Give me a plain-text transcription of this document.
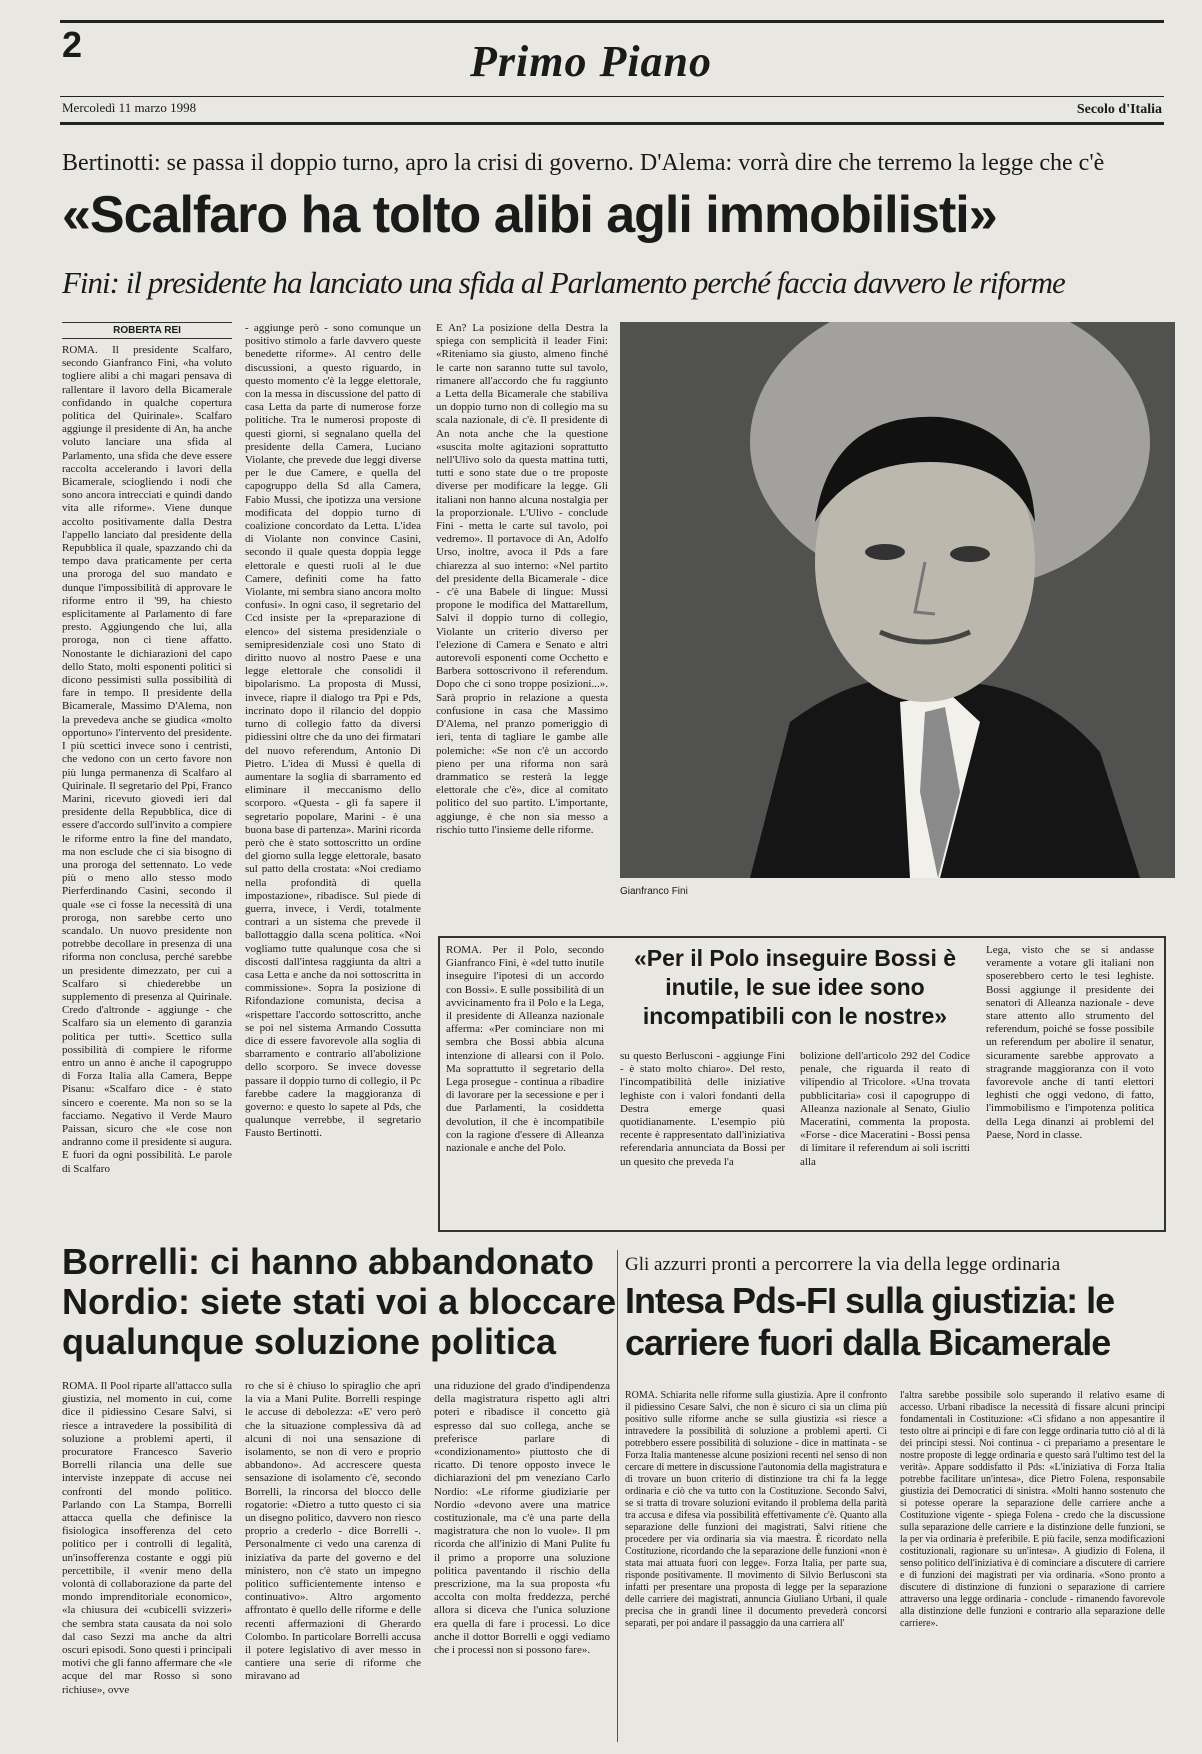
2	Primo Piano
Mercoledì 11 marzo 1998	Secolo d'Italia
Bertinotti: se passa il doppio turno, apro la crisi di governo. D'Alema: vorrà dire che terremo la legge che c'è
«Scalfaro ha tolto alibi agli immobilisti»
Fini: il presidente ha lanciato una sfida al Parlamento perché faccia davvero le riforme
ROBERTA REI
ROMA. Il presidente Scalfaro, secondo Gianfranco Fini, «ha voluto togliere alibi a chi magari pensava di rallentare il lavoro della Bicamerale confidando in qualche copertura politica del Quirinale». Scalfaro aggiunge il presidente di An, ha anche voluto lanciare una sfida al Parlamento, una sfida che deve essere raccolta accelerando i lavori della Bicamerale, sciogliendo i nodi che sono ancora intrecciati e quindi dando vita alle riforme». Viene dunque accolto positivamente dalla Destra l'appello lanciato dal presidente della Repubblica il quale, spazzando chi da tempo dava praticamente per certa una proroga del suo mandato e dunque l'impossibilità di approvare le riforme entro il '99, ha chiesto esplicitamente al Parlamento di fare presto. Aggiungendo che lui, alla proroga, non ci tiene affatto. Nonostante le dichiarazioni del capo dello Stato, molti esponenti politici si dicono pessimisti sulla possibilità di fare in tempo. Il presidente della Bicamerale, Massimo D'Alema, non la prevedeva anche se giudica «molto opportuno» l'intervento del presidente. I più scettici invece sono i centristi, che vedono con un certo favore non più lunga permanenza di Scalfaro al Quirinale. Il segretario del Ppi, Franco Marini, ricevuto giovedì ieri dal presidente della Repubblica, dice di essere d'accordo sull'invito a compiere le riforme entro la fine del mandato, ma non esclude che ci sia bisogno di una proroga del settennato. Lo vede più o meno allo stesso modo Pierferdinando Casini, secondo il quale «se ci fosse la necessità di una proroga, non sarebbe certo uno scandalo. Un nuovo presidente non potrebbe decollare in presenza di una riforma non conclusa, perché sarebbe un presidente dimezzato, per cui a Scalfaro si chiederebbe un supplemento di presenza al Quirinale. Credo d'altronde - aggiunge - che Scalfaro sia un elemento di garanzia politica per tutti». Scettico sulla possibilità di compiere le riforme entro un anno è anche il capogruppo di Forza Italia alla Camera, Beppe Pisanu: «Scalfaro dice - è stato sincero e coerente. Ma non so se la facciamo. Negativo il Verde Mauro Paissan, sicuro che «le cose non andranno come il presidente si augura. E fuori da ogni possibilità. Le parole di Scalfaro
- aggiunge però - sono comunque un positivo stimolo a farle davvero queste benedette riforme». Al centro delle discussioni, a questo riguardo, in questo momento c'è la legge elettorale, con la messa in discussione del patto di casa Letta da parte di numerose forze politiche. Tra le numerosi proposte di questi giorni, si segnalano quella del presidente della Camera, Luciano Violante, che prevede due leggi diverse per le due Camere, e quella del capogruppo della Sd alla Camera, Fabio Mussi, che ipotizza una versione modificata del doppio turno di coalizione concordato da Letta. L'idea di Violante non convince Casini, secondo il quale questa doppia legge elettorale e questi ruoli al le due Camere, definiti come ha fatto Violante, mi sembra siano ancora molto confusi». In ogni caso, il segretario del Ccd insiste per la «preparazione di elenco» del sistema presidenziale o semipresidenziale così uno Stato di diritto nuovo al nostro Paese e una legge elettorale che consolidi il bipolarismo. La proposta di Mussi, invece, riapre il dialogo tra Ppi e Pds, incrinato dopo il rilancio del doppio turno di collegio fatto da diversi pidiessini oltre che da uno dei firmatari del nuovo referendum, Antonio Di Pietro. L'idea di Mussi è quella di aumentare la soglia di sbarramento ed eliminare il meccanismo dello scorporo. «Questa - gli fa sapere il segretario popolare, Marini - è una buona base di partenza». Marini ricorda però che è stato sottoscritto un ordine del giorno sulla legge elettorale, basato sul patto della crostata: «Noi crediamo nella profondità di quella impostazione», ribadisce. Sul piede di guerra, invece, i Verdi, totalmente contrari a un sistema che prevede il ballottaggio dalla scena politica. «Noi vogliamo tutte qualunque cosa che si discosti dall'intesa raggiunta da altri a casa Letta e anche da noi sottoscritta in commissione». Sopra la posizione di Rifondazione comunista, decisa a «rispettare l'accordo sottoscritto, anche se poi nel sistema Armando Cossutta dice di essere favorevole alla soglia di sbarramento e contrario all'abolizione dello scorporo. Se invece dovesse passare il doppio turno di collegio, il Pc farebbe cadere la maggioranza di governo: e questo lo sapete al Pds, che qualunque verrebbe, il segretario Fausto Bertinotti.
E An? La posizione della Destra la spiega con semplicità il leader Fini: «Riteniamo sia giusto, almeno finché le carte non saranno tutte sul tavolo, rimanere all'accordo che fu raggiunto a Letta della Bicamerale che stabiliva un doppio turno non di collegio ma su scala nazionale, di c'è. Il presidente di An nota anche che la questione «suscita molte agitazioni soprattutto nell'Ulivo solo da questa mattina tutti, tutti e sono state due o tre proposte diverse per modificare la legge. Gli italiani non hanno alcuna nostalgia per la proporzionale. L'Ulivo - conclude Fini - metta le carte sul tavolo, poi vedremo». Il portavoce di An, Adolfo Urso, inoltre, avoca il Pds a fare chiarezza al suo interno: «Nel partito del presidente della Bicamerale - dice - c'è una Babele di lingue: Mussi propone le modifica del Mattarellum, Salvi il doppio turno di collegio, Violante un criterio diverso per l'elezione di Camera e Senato e altri autorevoli esponenti come Occhetto e Barbera sottoscrivono il referendum. Dopo che ci sono troppe posizioni...». Sarà proprio in relazione a questa confusione in casa che Massimo D'Alema, nel pranzo pomeriggio di ieri, tenta di tagliare le gambe alle polemiche: «Se non c'è un accordo pieno per una riforma non sarà drammatico se resterà la legge elettorale che c'è», dice al comitato politico del suo partito. L'importante, aggiunge, è che non sia messo a rischio tutto l'insieme delle riforme.
Gianfranco Fini
ROMA. Per il Polo, secondo Gianfranco Fini, è «del tutto inutile inseguire l'ipotesi di un accordo con Bossi». E sulle possibilità di un avvicinamento fra il Polo e la Lega, il presidente di Alleanza nazionale afferma: «Per cominciare non mi sembra che Bossi abbia alcuna intenzione di allearsi con il Polo. Ma soprattutto il segretario della Lega prosegue - continua a ribadire di lavorare per la secessione e per i due Parlamenti, la cosiddetta devolution, il che è incompatibile con la ragione d'essere di Alleanza nazionale e anche del Polo.
«Per il Polo inseguire Bossi è inutile, le sue idee sono incompatibili con le nostre»
su questo Berlusconi - aggiunge Fini - è stato molto chiaro». Del resto, l'incompatibilità delle iniziative leghiste con i valori fondanti della Destra emerge quasi quotidianamente. L'esempio più recente è rappresentato dall'iniziativa referendaria annunciata da Bossi per un quesito che preveda l'a
bolizione dell'articolo 292 del Codice penale, che riguarda il reato di vilipendio al Tricolore. «Una trovata pubblicitaria» così il capogruppo di Alleanza nazionale al Senato, Giulio Maceratini, commenta la proposta. «Forse - dice Maceratini - Bossi pensa di limitare il referendum ai soli iscritti alla
Lega, visto che se si andasse veramente a votare gli italiani non sposerebbero certo le tesi leghiste. Bossi aggiunge il presidente dei senatori di Alleanza nazionale - deve stare attento allo strumento del referendum, poiché se fosse possibile un referendum per abolire il senatur, sicuramente sarebbe approvato a stragrande maggioranza con il voto favorevole anche di tanti elettori leghisti che oggi vedono, di fatto, l'immobilismo e l'impotenza politica della Lega dinanzi ai problemi del Paese, Nord in classe.
Borrelli: ci hanno abbandonato Nordio: siete stati voi a bloccare qualunque soluzione politica
ROMA. Il Pool riparte all'attacco sulla giustizia, nel momento in cui, come dice il pidiessino Cesare Salvi, si riesce a intravedere la possibilità di soluzione a problemi aperti, il procuratore Francesco Saverio Borrelli rilancia una delle sue interviste inzeppate di accuse nei confronti del mondo politico. Parlando con La Stampa, Borrelli attacca quella che definisce la fisiologica insofferenza del ceto politico per i controlli di legalità, un'insofferenza costante e oggi più percettibile, il «venir meno della volontà di collaborazione da parte del mondo imprenditoriale economico», «la chiusura dei «cubicelli svizzeri» che sembra stata causata da noi solo dal caso Sezzi ma anche da altri oscuri episodi. Sono questi i principali motivi che gli fanno affermare che «le acque del mar Rosso si sono richiuse», ovve
ro che si è chiuso lo spiraglio che aprì la via a Mani Pulite. Borrelli respinge le accuse di debolezza: «E' vero però che la situazione complessiva dà ad alcuni di noi una sensazione di isolamento, se non di vero e proprio abbandono». Ad accrescere questa sensazione di isolamento c'è, secondo Borrelli, la rincorsa del blocco delle rogatorie: «Dietro a tutto questo ci sia un disegno politico, davvero non riesco proprio a crederlo - dice Borrelli -. Personalmente ci vedo una carenza di iniziativa da parte del governo e del ministero, non c'è stato un impegno politico sufficientemente intenso e continuativo». Altro argomento affrontato è quello delle riforme e delle recenti affermazioni di Gherardo Colombo. In particolare Borrelli accusa il potere legislativo di aver messo in cantiere una serie di riforme che miravano ad
una riduzione del grado d'indipendenza della magistratura rispetto agli altri poteri e ribadisce il concetto già espresso dal suo collega, anche se preferisce parlare di «condizionamento» piuttosto che di ricatto. Di tenore opposto invece le dichiarazioni del pm veneziano Carlo Nordio: «Le riforme giudiziarie per Nordio «devono avere una matrice costituzionale, ma c'è una parte della magistratura che non lo vuole». Il pm ricorda che all'inizio di Mani Pulite fu il primo a proporre una soluzione politica paventando il rischio della prescrizione, ma la sua proposta «fu accolta con molta freddezza, perché allora si diceva che l'unica soluzione era quella di fare i processi. Lo dice anche il dottor Borrelli e oggi vediamo che i processi non si possono fare».
Gli azzurri pronti a percorrere la via della legge ordinaria
Intesa Pds-FI sulla giustizia: le carriere fuori dalla Bicamerale
ROMA. Schiarita nelle riforme sulla giustizia. Apre il confronto il pidiessino Cesare Salvi, che non è sicuro ci sia un clima più positivo sulle riforme anche se sulla giustizia «si riesce a intravedere la possibilità di soluzione a problemi aperti. Ci potrebbero essere possibilità di soluzione - dice in mattinata - se Forza Italia mantenesse alcune posizioni recenti nel senso di non cercare di mettere in discussione l'autonomia della magistratura e di trovare un buon criterio di distinzione tra chi fa la legge ordinaria e ciò che va tutto con la Costituzione. Secondo Salvi, se si tratta di trovare soluzioni evitando il problema della parità tra accusa e difesa via possibilità effettivamente c'è. Quanto alla separazione delle funzioni dei magistrati, Salvi ritiene che procedere per via ordinaria sia via maestra. È ricordato nella Costituzione, ricordando che la separazione delle funzioni «non è stata mai attuata fuori con legge». Forza Italia, per parte sua, risponde positivamente. Il movimento di Silvio Berlusconi sta infatti per presentare una proposta di legge per la separazione delle carriere dei magistrati, annuncia Giuliano Urbani, il quale precisa che in grandi linee il documento prevederà concorsi separati, per poi andare il passaggio da una carriera all'
l'altra sarebbe possibile solo superando il relativo esame di accesso. Urbani ribadisce la necessità di fissare alcuni principi fondamentali in Costituzione: «Ci sfidano a non appesantire il testo oltre ai principi e di fare con legge ordinaria tutto ciò al di là dei principi stessi. Noi continua - ci prepariamo a presentare le nostre proposte di legge ordinaria e questo sarà l'ultimo test del la verità». Appare soddisfatto il Pds: «L'iniziativa di Forza Italia potrebbe facilitare un'intesa», dice Pietro Folena, responsabile giustizia dei Democratici di sinistra. «Molti hanno sostenuto che si potesse operare la separazione delle carriere anche a Costituzione vigente - spiega Folena - credo che la discussione sulla separazione delle carriere e la distinzione delle funzioni, se la per via ordinaria è preferibile. E più facile, senza modificazioni costituzionali, ragionare su un'intesa». A giudizio di Folena, il senso politico dell'iniziativa è di cominciare a discutere di carriere e di funzioni dei magistrati per via ordinaria. «Sono pronto a discutere di distinzione di funzioni o separazione di carriere attraverso una legge ordinaria - conclude - rimanendo favorevole alla distinzione delle funzioni e contrario alla separazione delle carriere».
